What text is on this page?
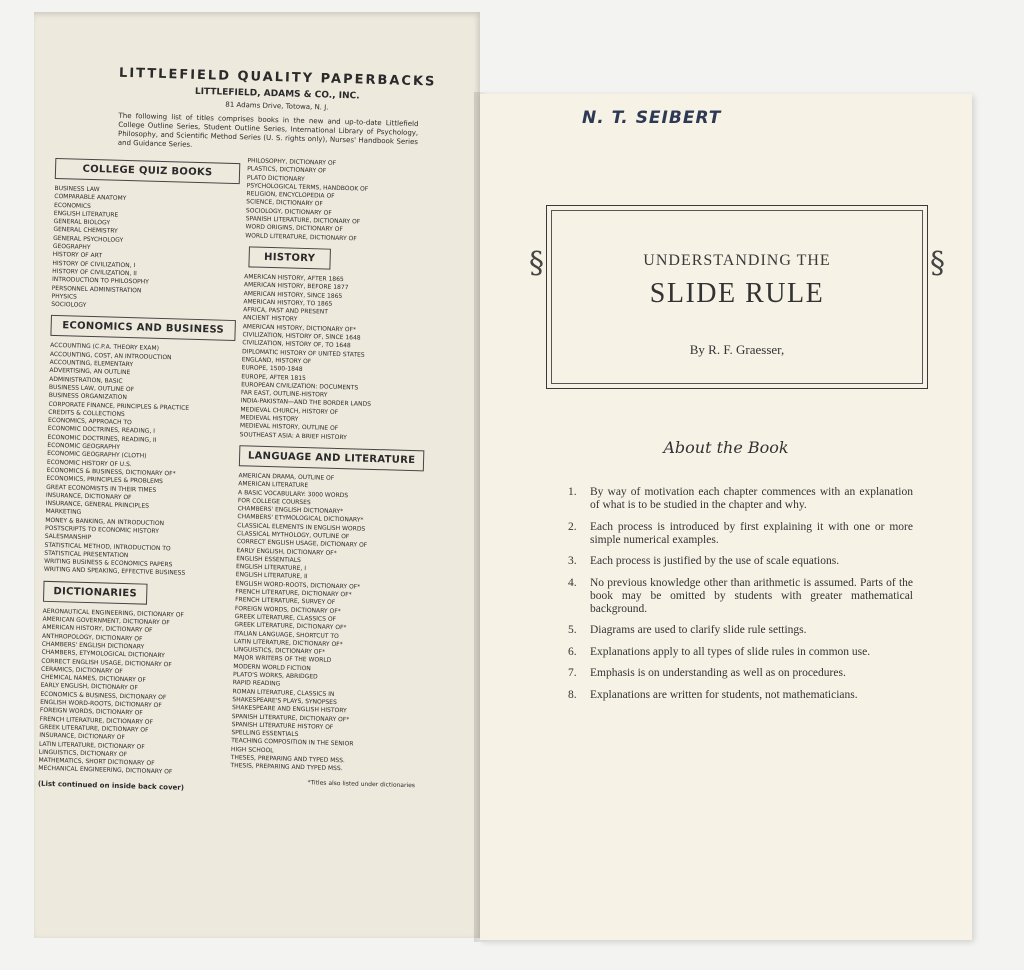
LITTLEFIELD QUALITY PAPERBACKS
LITTLEFIELD, ADAMS & CO., INC.
81 Adams Drive, Totowa, N. J.
The following list of titles comprises books in the new and up-to-date Littlefield College Outline Series, Student Outline Series, International Library of Psychology, Philosophy, and Scientific Method Series (U. S. rights only), Nurses' Handbook Series and Guidance Series.
COLLEGE QUIZ BOOKS
BUSINESS LAW
COMPARABLE ANATOMY
ECONOMICS
ENGLISH LITERATURE
GENERAL BIOLOGY
GENERAL CHEMISTRY
GENERAL PSYCHOLOGY
GEOGRAPHY
HISTORY OF ART
HISTORY OF CIVILIZATION, I
HISTORY OF CIVILIZATION, II
INTRODUCTION TO PHILOSOPHY
PERSONNEL ADMINISTRATION
PHYSICS
SOCIOLOGY
ECONOMICS AND BUSINESS
ACCOUNTING (C.P.A. THEORY EXAM)
ACCOUNTING, COST, AN INTRODUCTION
ACCOUNTING, ELEMENTARY
ADVERTISING, AN OUTLINE
ADMINISTRATION, BASIC
BUSINESS LAW, OUTLINE OF
BUSINESS ORGANIZATION
CORPORATE FINANCE, PRINCIPLES & PRACTICE
CREDITS & COLLECTIONS
ECONOMICS, APPROACH TO
ECONOMIC DOCTRINES, READING, I
ECONOMIC DOCTRINES, READING, II
ECONOMIC GEOGRAPHY
ECONOMIC GEOGRAPHY (CLOTH)
ECONOMIC HISTORY OF U.S.
ECONOMICS & BUSINESS, DICTIONARY OF*
ECONOMICS, PRINCIPLES & PROBLEMS
GREAT ECONOMISTS IN THEIR TIMES
INSURANCE, DICTIONARY OF
INSURANCE, GENERAL PRINCIPLES
MARKETING
MONEY & BANKING, AN INTRODUCTION
POSTSCRIPTS TO ECONOMIC HISTORY
SALESMANSHIP
STATISTICAL METHOD, INTRODUCTION TO
STATISTICAL PRESENTATION
WRITING BUSINESS & ECONOMICS PAPERS
WRITING AND SPEAKING, EFFECTIVE BUSINESS
DICTIONARIES
AERONAUTICAL ENGINEERING, DICTIONARY OF
AMERICAN GOVERNMENT, DICTIONARY OF
AMERICAN HISTORY, DICTIONARY OF
ANTHROPOLOGY, DICTIONARY OF
CHAMBERS' ENGLISH DICTIONARY
CHAMBERS, ETYMOLOGICAL DICTIONARY
CORRECT ENGLISH USAGE, DICTIONARY OF
CERAMICS, DICTIONARY OF
CHEMICAL NAMES, DICTIONARY OF
EARLY ENGLISH, DICTIONARY OF
ECONOMICS & BUSINESS, DICTIONARY OF
ENGLISH WORD-ROOTS, DICTIONARY OF
FOREIGN WORDS, DICTIONARY OF
FRENCH LITERATURE, DICTIONARY OF
GREEK LITERATURE, DICTIONARY OF
INSURANCE, DICTIONARY OF
LATIN LITERATURE, DICTIONARY OF
LINGUISTICS, DICTIONARY OF
MATHEMATICS, SHORT DICTIONARY OF
MECHANICAL ENGINEERING, DICTIONARY OF
(List continued on inside back cover)
PHILOSOPHY, DICTIONARY OF
PLASTICS, DICTIONARY OF
PLATO DICTIONARY
PSYCHOLOGICAL TERMS, HANDBOOK OF
RELIGION, ENCYCLOPEDIA OF
SCIENCE, DICTIONARY OF
SOCIOLOGY, DICTIONARY OF
SPANISH LITERATURE, DICTIONARY OF
WORD ORIGINS, DICTIONARY OF
WORLD LITERATURE, DICTIONARY OF
HISTORY
AMERICAN HISTORY, AFTER 1865
AMERICAN HISTORY, BEFORE 1877
AMERICAN HISTORY, SINCE 1865
AMERICAN HISTORY, TO 1865
AFRICA, PAST AND PRESENT
ANCIENT HISTORY
AMERICAN HISTORY, DICTIONARY OF*
CIVILIZATION, HISTORY OF, SINCE 1648
CIVILIZATION, HISTORY OF, TO 1648
DIPLOMATIC HISTORY OF UNITED STATES
ENGLAND, HISTORY OF
EUROPE, 1500-1848
EUROPE, AFTER 1815
EUROPEAN CIVILIZATION: DOCUMENTS
FAR EAST, OUTLINE-HISTORY
INDIA-PAKISTAN—AND THE BORDER LANDS
MEDIEVAL CHURCH, HISTORY OF
MEDIEVAL HISTORY
MEDIEVAL HISTORY, OUTLINE OF
SOUTHEAST ASIA: A BRIEF HISTORY
LANGUAGE AND LITERATURE
AMERICAN DRAMA, OUTLINE OF
AMERICAN LITERATURE
A BASIC VOCABULARY: 3000 WORDS
FOR COLLEGE COURSES
CHAMBERS' ENGLISH DICTIONARY*
CHAMBERS' ETYMOLOGICAL DICTIONARY*
CLASSICAL ELEMENTS IN ENGLISH WORDS
CLASSICAL MYTHOLOGY, OUTLINE OF
CORRECT ENGLISH USAGE, DICTIONARY OF
EARLY ENGLISH, DICTIONARY OF*
ENGLISH ESSENTIALS
ENGLISH LITERATURE, I
ENGLISH LITERATURE, II
ENGLISH WORD-ROOTS, DICTIONARY OF*
FRENCH LITERATURE, DICTIONARY OF*
FRENCH LITERATURE, SURVEY OF
FOREIGN WORDS, DICTIONARY OF*
GREEK LITERATURE, CLASSICS OF
GREEK LITERATURE, DICTIONARY OF*
ITALIAN LANGUAGE, SHORTCUT TO
LATIN LITERATURE, DICTIONARY OF*
LINGUISTICS, DICTIONARY OF*
MAJOR WRITERS OF THE WORLD
MODERN WORLD FICTION
PLATO'S WORKS, ABRIDGED
RAPID READING
ROMAN LITERATURE, CLASSICS IN
SHAKESPEARE'S PLAYS, SYNOPSES
SHAKESPEARE AND ENGLISH HISTORY
SPANISH LITERATURE, DICTIONARY OF*
SPANISH LITERATURE HISTORY OF
SPELLING ESSENTIALS
TEACHING COMPOSITION IN THE SENIOR
HIGH SCHOOL
THESES, PREPARING AND TYPED MSS.
THESIS, PREPARING AND TYPED MSS.
*Titles also listed under dictionaries
N. T. SEIBERT
§	§
UNDERSTANDING THE
SLIDE RULE
By R. F. Graesser,
About the Book
1. By way of motivation each chapter commences with an explanation of what is to be studied in the chapter and why.
2. Each process is introduced by first explaining it with one or more simple numerical examples.
3. Each process is justified by the use of scale equations.
4. No previous knowledge other than arithmetic is assumed. Parts of the book may be omitted by students with greater mathematical background.
5. Diagrams are used to clarify slide rule settings.
6. Explanations apply to all types of slide rules in common use.
7. Emphasis is on understanding as well as on procedures.
8. Explanations are written for students, not mathematicians.
